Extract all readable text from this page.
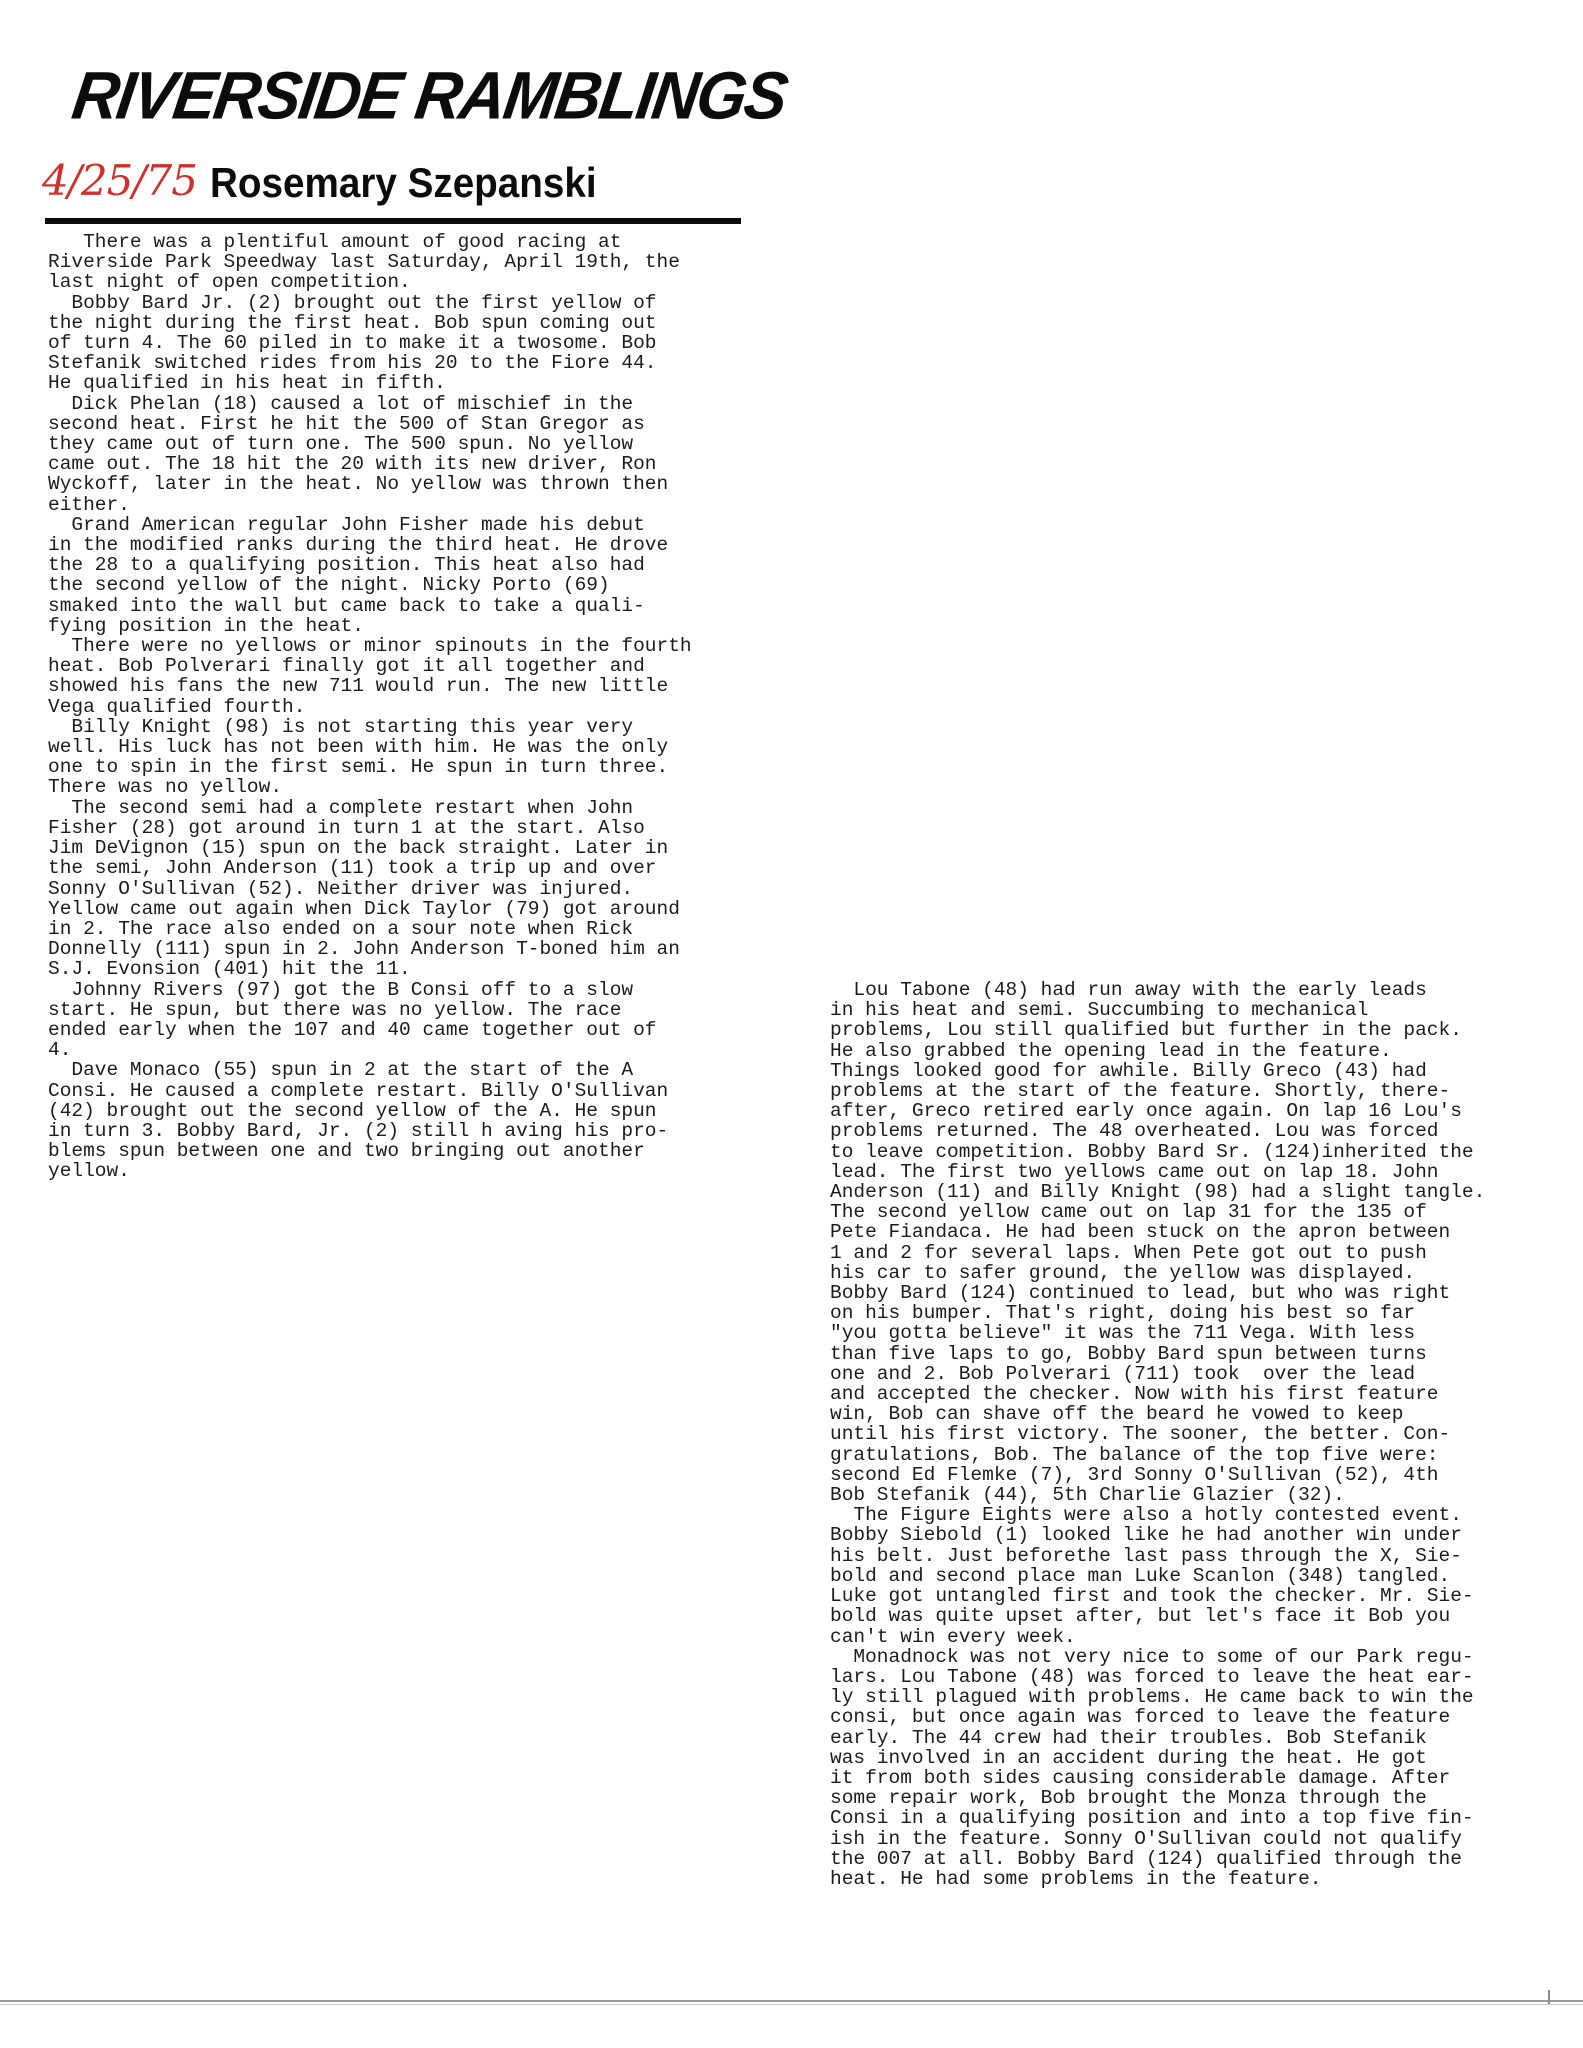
RIVERSIDE RAMBLINGS
4/25/75 Rosemary Szepanski
There was a plentiful amount of good racing at
Riverside Park Speedway last Saturday, April 19th, the
last night of open competition.
Bobby Bard Jr. (2) brought out the first yellow of
the night during the first heat. Bob spun coming out
of turn 4. The 60 piled in to make it a twosome. Bob
Stefanik switched rides from his 20 to the Fiore 44.
He qualified in his heat in fifth.
Dick Phelan (18) caused a lot of mischief in the
second heat. First he hit the 500 of Stan Gregor as
they came out of turn one. The 500 spun. No yellow
came out. The 18 hit the 20 with its new driver, Ron
Wyckoff, later in the heat. No yellow was thrown then
either.
Grand American regular John Fisher made his debut
in the modified ranks during the third heat. He drove
the 28 to a qualifying position. This heat also had
the second yellow of the night. Nicky Porto (69)
smaked into the wall but came back to take a quali-
fying position in the heat.
There were no yellows or minor spinouts in the fourth
heat. Bob Polverari finally got it all together and
showed his fans the new 711 would run. The new little
Vega qualified fourth.
Billy Knight (98) is not starting this year very
well. His luck has not been with him. He was the only
one to spin in the first semi. He spun in turn three.
There was no yellow.
The second semi had a complete restart when John
Fisher (28) got around in turn 1 at the start. Also
Jim DeVignon (15) spun on the back straight. Later in
the semi, John Anderson (11) took a trip up and over
Sonny O'Sullivan (52). Neither driver was injured.
Yellow came out again when Dick Taylor (79) got around
in 2. The race also ended on a sour note when Rick
Donnelly (111) spun in 2. John Anderson T-boned him an
S.J. Evonsion (401) hit the 11.
Johnny Rivers (97) got the B Consi off to a slow
start. He spun, but there was no yellow. The race
ended early when the 107 and 40 came together out of
4.
Dave Monaco (55) spun in 2 at the start of the A
Consi. He caused a complete restart. Billy O'Sullivan
(42) brought out the second yellow of the A. He spun
in turn 3. Bobby Bard, Jr. (2) still h aving his pro-
blems spun between one and two bringing out another
yellow.
Lou Tabone (48) had run away with the early leads
in his heat and semi. Succumbing to mechanical
problems, Lou still qualified but further in the pack.
He also grabbed the opening lead in the feature.
Things looked good for awhile. Billy Greco (43) had
problems at the start of the feature. Shortly, there-
after, Greco retired early once again. On lap 16 Lou's
problems returned. The 48 overheated. Lou was forced
to leave competition. Bobby Bard Sr. (124)inherited the
lead. The first two yellows came out on lap 18. John
Anderson (11) and Billy Knight (98) had a slight tangle.
The second yellow came out on lap 31 for the 135 of
Pete Fiandaca. He had been stuck on the apron between
1 and 2 for several laps. When Pete got out to push
his car to safer ground, the yellow was displayed.
Bobby Bard (124) continued to lead, but who was right
on his bumper. That's right, doing his best so far
"you gotta believe" it was the 711 Vega. With less
than five laps to go, Bobby Bard spun between turns
one and 2. Bob Polverari (711) took  over the lead
and accepted the checker. Now with his first feature
win, Bob can shave off the beard he vowed to keep
until his first victory. The sooner, the better. Con-
gratulations, Bob. The balance of the top five were:
second Ed Flemke (7), 3rd Sonny O'Sullivan (52), 4th
Bob Stefanik (44), 5th Charlie Glazier (32).
The Figure Eights were also a hotly contested event.
Bobby Siebold (1) looked like he had another win under
his belt. Just beforethe last pass through the X, Sie-
bold and second place man Luke Scanlon (348) tangled.
Luke got untangled first and took the checker. Mr. Sie-
bold was quite upset after, but let's face it Bob you
can't win every week.
Monadnock was not very nice to some of our Park regu-
lars. Lou Tabone (48) was forced to leave the heat ear-
ly still plagued with problems. He came back to win the
consi, but once again was forced to leave the feature
early. The 44 crew had their troubles. Bob Stefanik
was involved in an accident during the heat. He got
it from both sides causing considerable damage. After
some repair work, Bob brought the Monza through the
Consi in a qualifying position and into a top five fin-
ish in the feature. Sonny O'Sullivan could not qualify
the 007 at all. Bobby Bard (124) qualified through the
heat. He had some problems in the feature.
